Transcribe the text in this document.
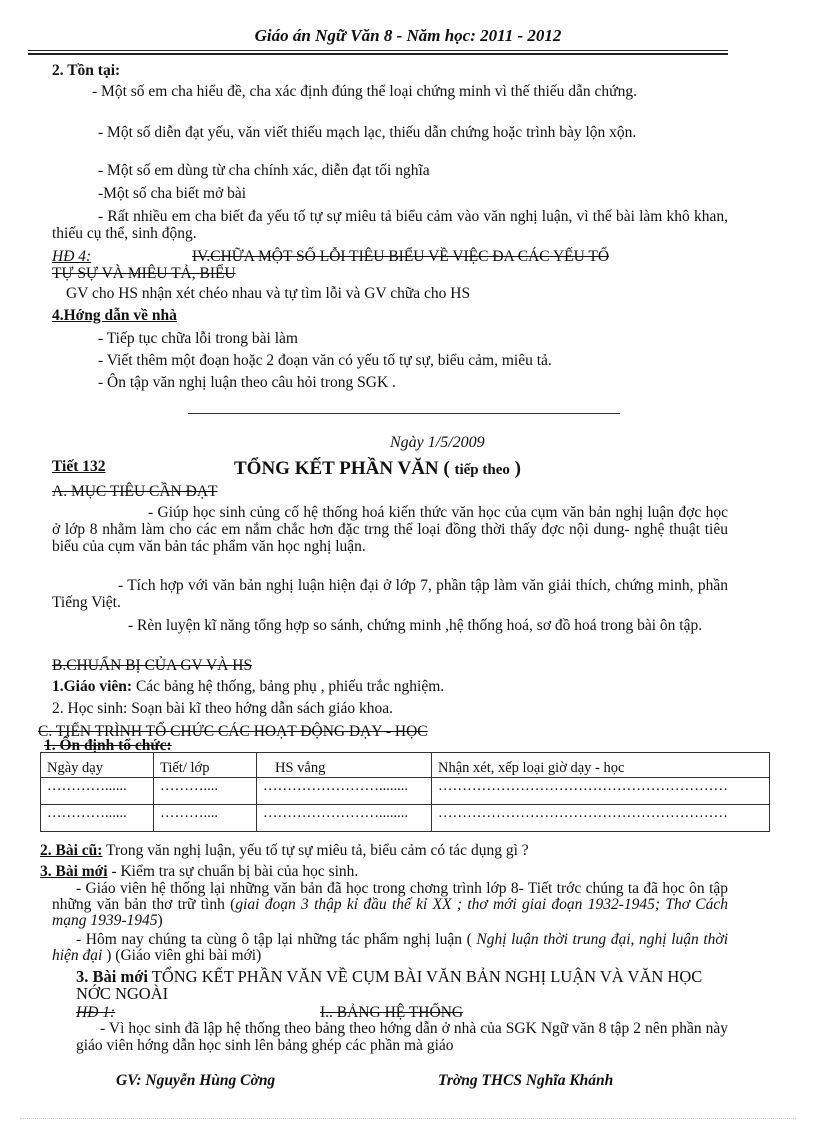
Giáo án Ngữ Văn 8 - Năm học: 2011 - 2012
2. Tồn tại:
- Một số em cha hiểu đề, cha xác định đúng thể loại chứng minh vì thế thiếu dẫn chứng.
- Một số diễn đạt yếu, văn viết thiếu mạch lạc, thiếu dẫn chứng hoặc trình bày lộn xộn.
- Một số em dùng từ cha chính xác, diễn đạt tối nghĩa
-Một số cha biết mở bài
- Rất nhiều em cha biết đa yếu tố tự sự miêu tả biểu cảm vào văn nghị luận, vì thế bài làm khô khan, thiếu cụ thể, sinh động.
HĐ 4:	IV.CHỮA MỘT SỐ LỖI TIÊU BIỂU VỀ VIỆC ĐA CÁC YẾU TỐ
TỰ SỰ VÀ MIÊU TẢ, BIỂU
GV cho HS nhận xét chéo nhau và tự tìm lỗi và GV chữa cho HS
4.Hớng dẫn về nhà
- Tiếp tục chữa lỗi trong bài làm
- Viết thêm một đoạn hoặc 2 đoạn văn có yếu tố tự sự, biểu cảm, miêu tả.
- Ôn tập văn nghị luận theo câu hỏi trong SGK .
Ngày 1/5/2009
Tiết 132	TỔNG KẾT PHẦN VĂN ( tiếp theo )
A. MỤC TIÊU CẦN ĐẠT
- Giúp học sinh củng cố hệ thống hoá kiến thức văn học của cụm văn bản nghị luận đợc học ở lớp 8 nhằm làm cho các em nắm chắc hơn đặc trng thể loại đồng thời thấy đợc nội dung- nghệ thuật tiêu biểu của cụm văn bản tác phẩm văn học nghị luận.
- Tích hợp với văn bản nghị luận hiện đại ở lớp 7, phần tập làm văn giải thích, chứng minh, phần Tiếng Việt.
- Rèn luyện kĩ năng tổng hợp so sánh, chứng minh ,hệ thống hoá, sơ đồ hoá trong bài ôn tập.
B.CHUẨN BỊ CỦA GV VÀ HS
1.Giáo viên: Các bảng hệ thống, bảng phụ , phiếu trắc nghiệm.
2. Học sinh: Soạn bài kĩ theo hớng dẫn sách giáo khoa.
C. TIẾN TRÌNH TỔ CHỨC CÁC HOẠT ĐỘNG DẠY - HỌC
1. Ổn định tổ chức:
Ngày dạy	Tiết/ lớp	HS vắng	Nhận xét, xếp loại giờ dạy - học
…………......	………....	……………………........	……………………………………………………
…………......	………....	……………………........	……………………………………………………
2. Bài cũ: Trong văn nghị luận, yếu tố tự sự miêu tả, biểu cảm có tác dụng gì ?
3. Bài mới - Kiểm tra sự chuẩn bị bài của học sinh.
- Giáo viên hệ thống lại những văn bản đã học trong chơng trình lớp 8- Tiết trớc chúng ta đã học ôn tập những văn bản thơ trữ tình (giai đoạn 3 thập kỉ đầu thế kỉ XX ; thơ mới giai đoạn 1932-1945; Thơ Cách mạng 1939-1945)
- Hôm nay chúng ta cùng ô tập lại những tác phẩm nghị luận ( Nghị luận thời trung đại, nghị luận thời hiện đại ) (Giáo viên ghi bài mới)
3. Bài mới TỔNG KẾT PHẦN VĂN VỀ CỤM BÀI VĂN BẢN NGHỊ LUẬN VÀ VĂN HỌC NỚC NGOÀI
HĐ 1:	I.. BẢNG HỆ THỐNG
- Vì học sinh đã lập hệ thống theo bảng theo hớng dẫn ở nhà của SGK Ngữ văn 8 tập 2 nên phần này giáo viên hớng dẫn học sinh lên bảng ghép các phần mà giáo
GV: Nguyễn Hùng Cờng	Trờng THCS Nghĩa Khánh
